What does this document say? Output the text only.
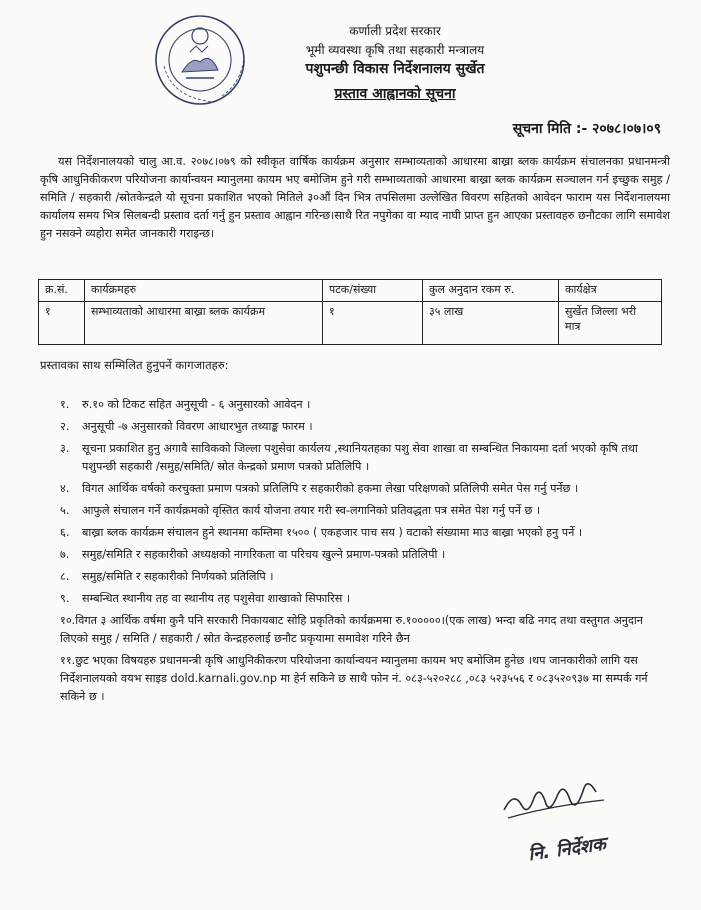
कर्णाली प्रदेश सरकार
भूमी व्यवस्था कृषि तथा सहकारी मन्त्रालय
पशुपन्छी विकास निर्देशनालय सुर्खेत
प्रस्ताव आह्वानको सूचना
सूचना मिति :- २०७८।०७।०९

यस निर्देशनालयको चालु आ.व. २०७८।०७९ को स्वीकृत वार्षिक कार्यक्रम अनुसार सम्भाव्यताको आधारमा बाख्रा ब्लक कार्यक्रम संचालनका प्रधानमन्त्री कृषि आधुनिकीकरण परियोजना कार्यान्वयन म्यानुलमा कायम भए बमोजिम हुने गरी सम्भाव्यताको आधारमा बाख्रा ब्लक कार्यक्रम सञ्चालन गर्न इच्छुक समुह / समिति / सहकारी /स्रोतकेन्द्रले यो सूचना प्रकाशित भएको मितिले ३०औं दिन भित्र तपसिलमा उल्लेखित विवरण सहितको आवेदन फाराम यस निर्देशनालयमा कार्यालय समय भित्र सिलबन्दी प्रस्ताव दर्ता गर्नु हुन प्रस्ताव आह्वान गरिन्छ।साथै रित नपुगेका वा म्याद नाघी प्राप्त हुन आएका प्रस्तावहरु छनौटका लागि समावेश हुन नसक्ने व्यहोरा समेत जानकारी गराइन्छ।

क्र.सं.	कार्यक्रमहरु	पटक/संख्या	कुल अनुदान रकम रु.	कार्यक्षेत्र
१	सम्भाव्यताको आधारमा बाख्रा ब्लक कार्यक्रम	१	३५ लाख	सुर्खेत जिल्ला भरी मात्र
प्रस्तावका साथ सम्मिलित हुनुपर्ने कागजातहरु:
१. रु.१० को टिकट सहित अनुसूची - ६ अनुसारको आवेदन ।
२. अनुसूची -७ अनुसारको विवरण आधारभुत तथ्याङ्क फारम ।
३. सूचना प्रकाशित हुनु अगावै साविकको जिल्ला पशुसेवा कार्यलय ,स्थानियतहका पशु सेवा शाखा वा सम्बन्धित निकायमा दर्ता भएको कृषि तथा पशुपन्छी सहकारी /समुह/समिति/ स्रोत केन्द्रको प्रमाण पत्रको प्रतिलिपि ।
४. विगत आर्थिक वर्षको करचुक्ता प्रमाण पत्रको प्रतिलिपि र सहकारीको हकमा लेखा परिक्षणको प्रतिलिपी समेत पेस गर्नु पर्नेछ ।
५. आफुले संचालन गर्ने कार्यक्रमको वृस्तित कार्य योजना तयार गरी स्व-लगानिको प्रतिवद्धता पत्र समेत पेश गर्नु पर्ने छ ।
६. बाख्रा ब्लक कार्यक्रम संचालन हुने स्थानमा कम्तिमा १५०० ( एकहजार पाच सय ) वटाको संख्यामा माउ बाख्रा भएको हनु पर्ने ।
७. समुह/समिति र सहकारीको अध्यक्षको नागरिकता वा परिचय खुल्ने प्रमाण-पत्रको प्रतिलिपी ।
८. समुह/समिति र सहकारीको निर्णयको प्रतिलिपि ।
९. सम्बन्धित स्थानीय तह वा स्थानीय तह पशुसेवा शाखाको सिफारिस ।
१०.विगत ३ आर्थिक वर्षमा कुनै पनि सरकारी निकायबाट सोहि प्रकृतिको कार्यक्रममा रु.१०००००।(एक लाख) भन्दा बढि नगद तथा वस्तुगत अनुदान लिएको समुह / समिति / सहकारी / स्रोत केन्द्रहरुलाई छनौट प्रकृयामा समावेश गरिने छैन
११.छुट भएका विषयहरु प्रधानमन्त्री कृषि आधुनिकीकरण परियोजना कार्यान्वयन म्यानुलमा कायम भए बमोजिम हुनेछ ।थप जानकारीको लागि यस निर्देशनालयको वयभ साइड dold.karnali.gov.np मा हेर्न सकिने छ साथै फोन नं. ०८३-५२०२८८ ,०८३ ५२३५५६ र ०८३५२०९३७ मा सम्पर्क गर्न सकिने छ ।
नि. निर्देशक
